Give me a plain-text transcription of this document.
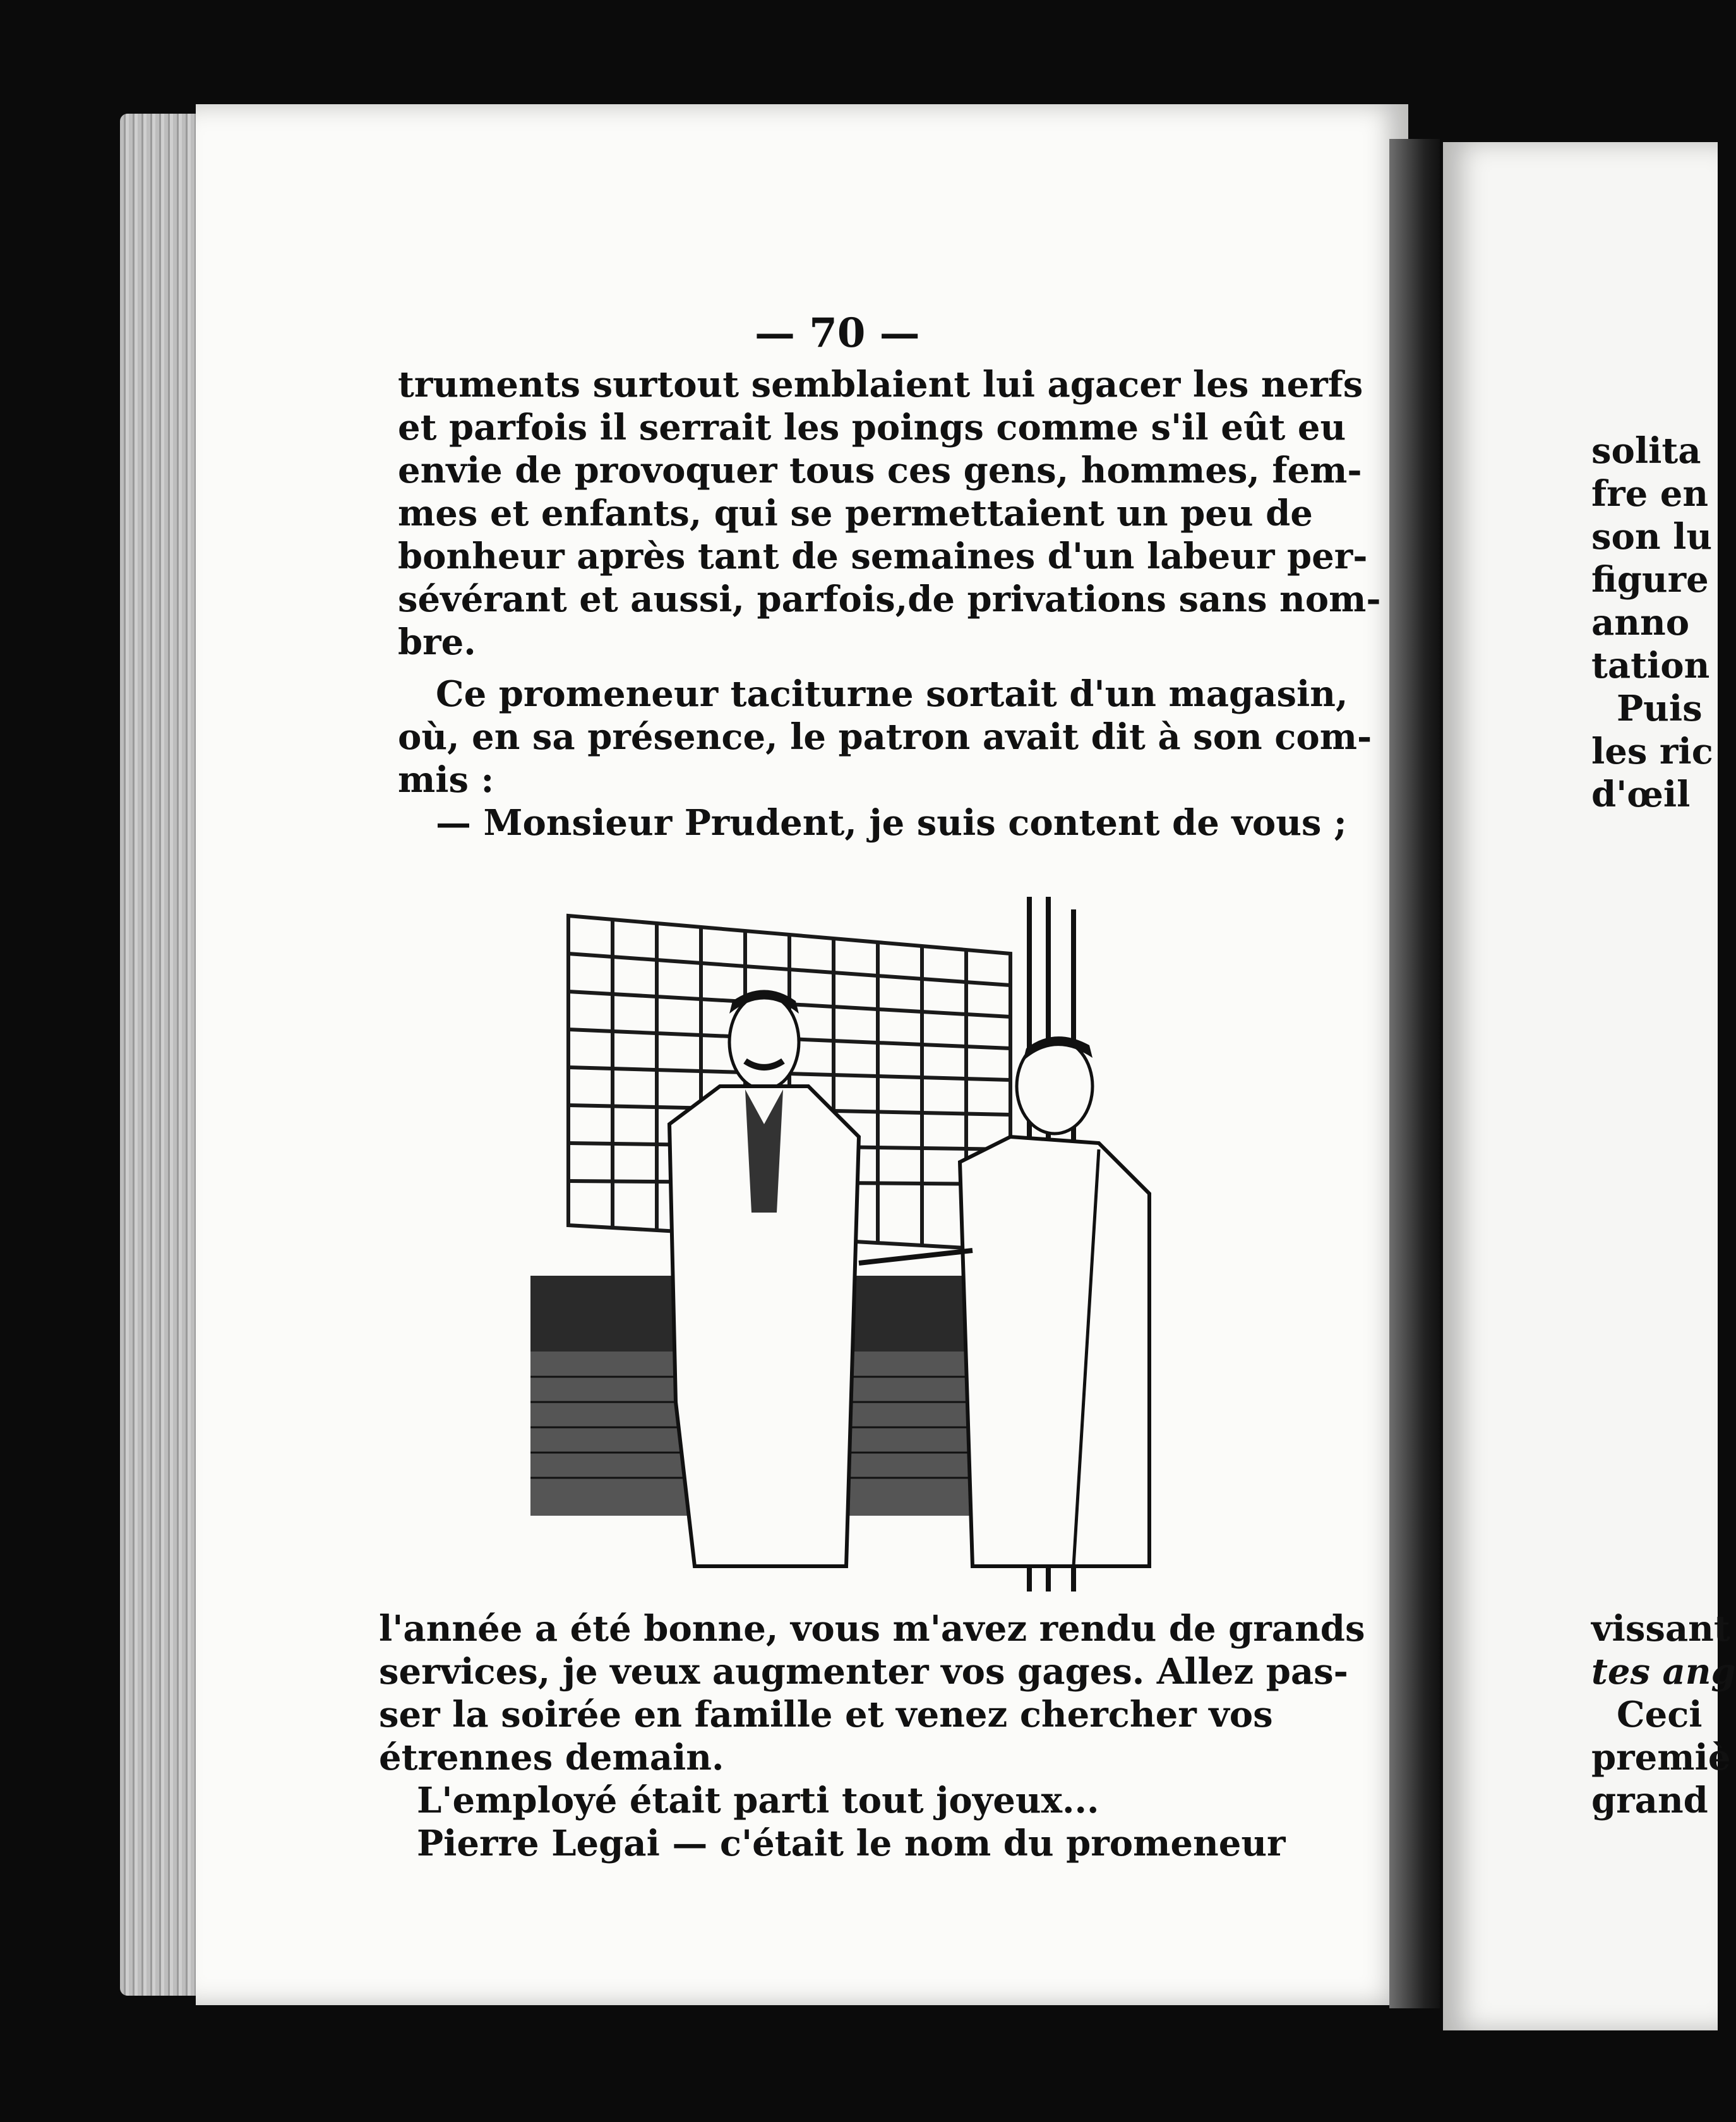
— 70 —
truments surtout semblaient lui agacer les nerfs
et parfois il serrait les poings comme s'il eût eu
envie de provoquer tous ces gens, hommes, fem-
mes et enfants, qui se permettaient un peu de
bonheur après tant de semaines d'un labeur per-
sévérant et aussi, parfois,de privations sans nom-
bre.
Ce promeneur taciturne sortait d'un magasin,
où, en sa présence, le patron avait dit à son com-
mis :
— Monsieur Prudent, je suis content de vous ;
l'année a été bonne, vous m'avez rendu de grands
services, je veux augmenter vos gages. Allez pas-
ser la soirée en famille et venez chercher vos
étrennes demain.
L'employé était parti tout joyeux...
Pierre Legai — c'était le nom du promeneur
solita
fre en
son lu
figure
anno
tation
Puis
les ric
d'œil
vissant
tes ang
Ceci
premiè
grand
